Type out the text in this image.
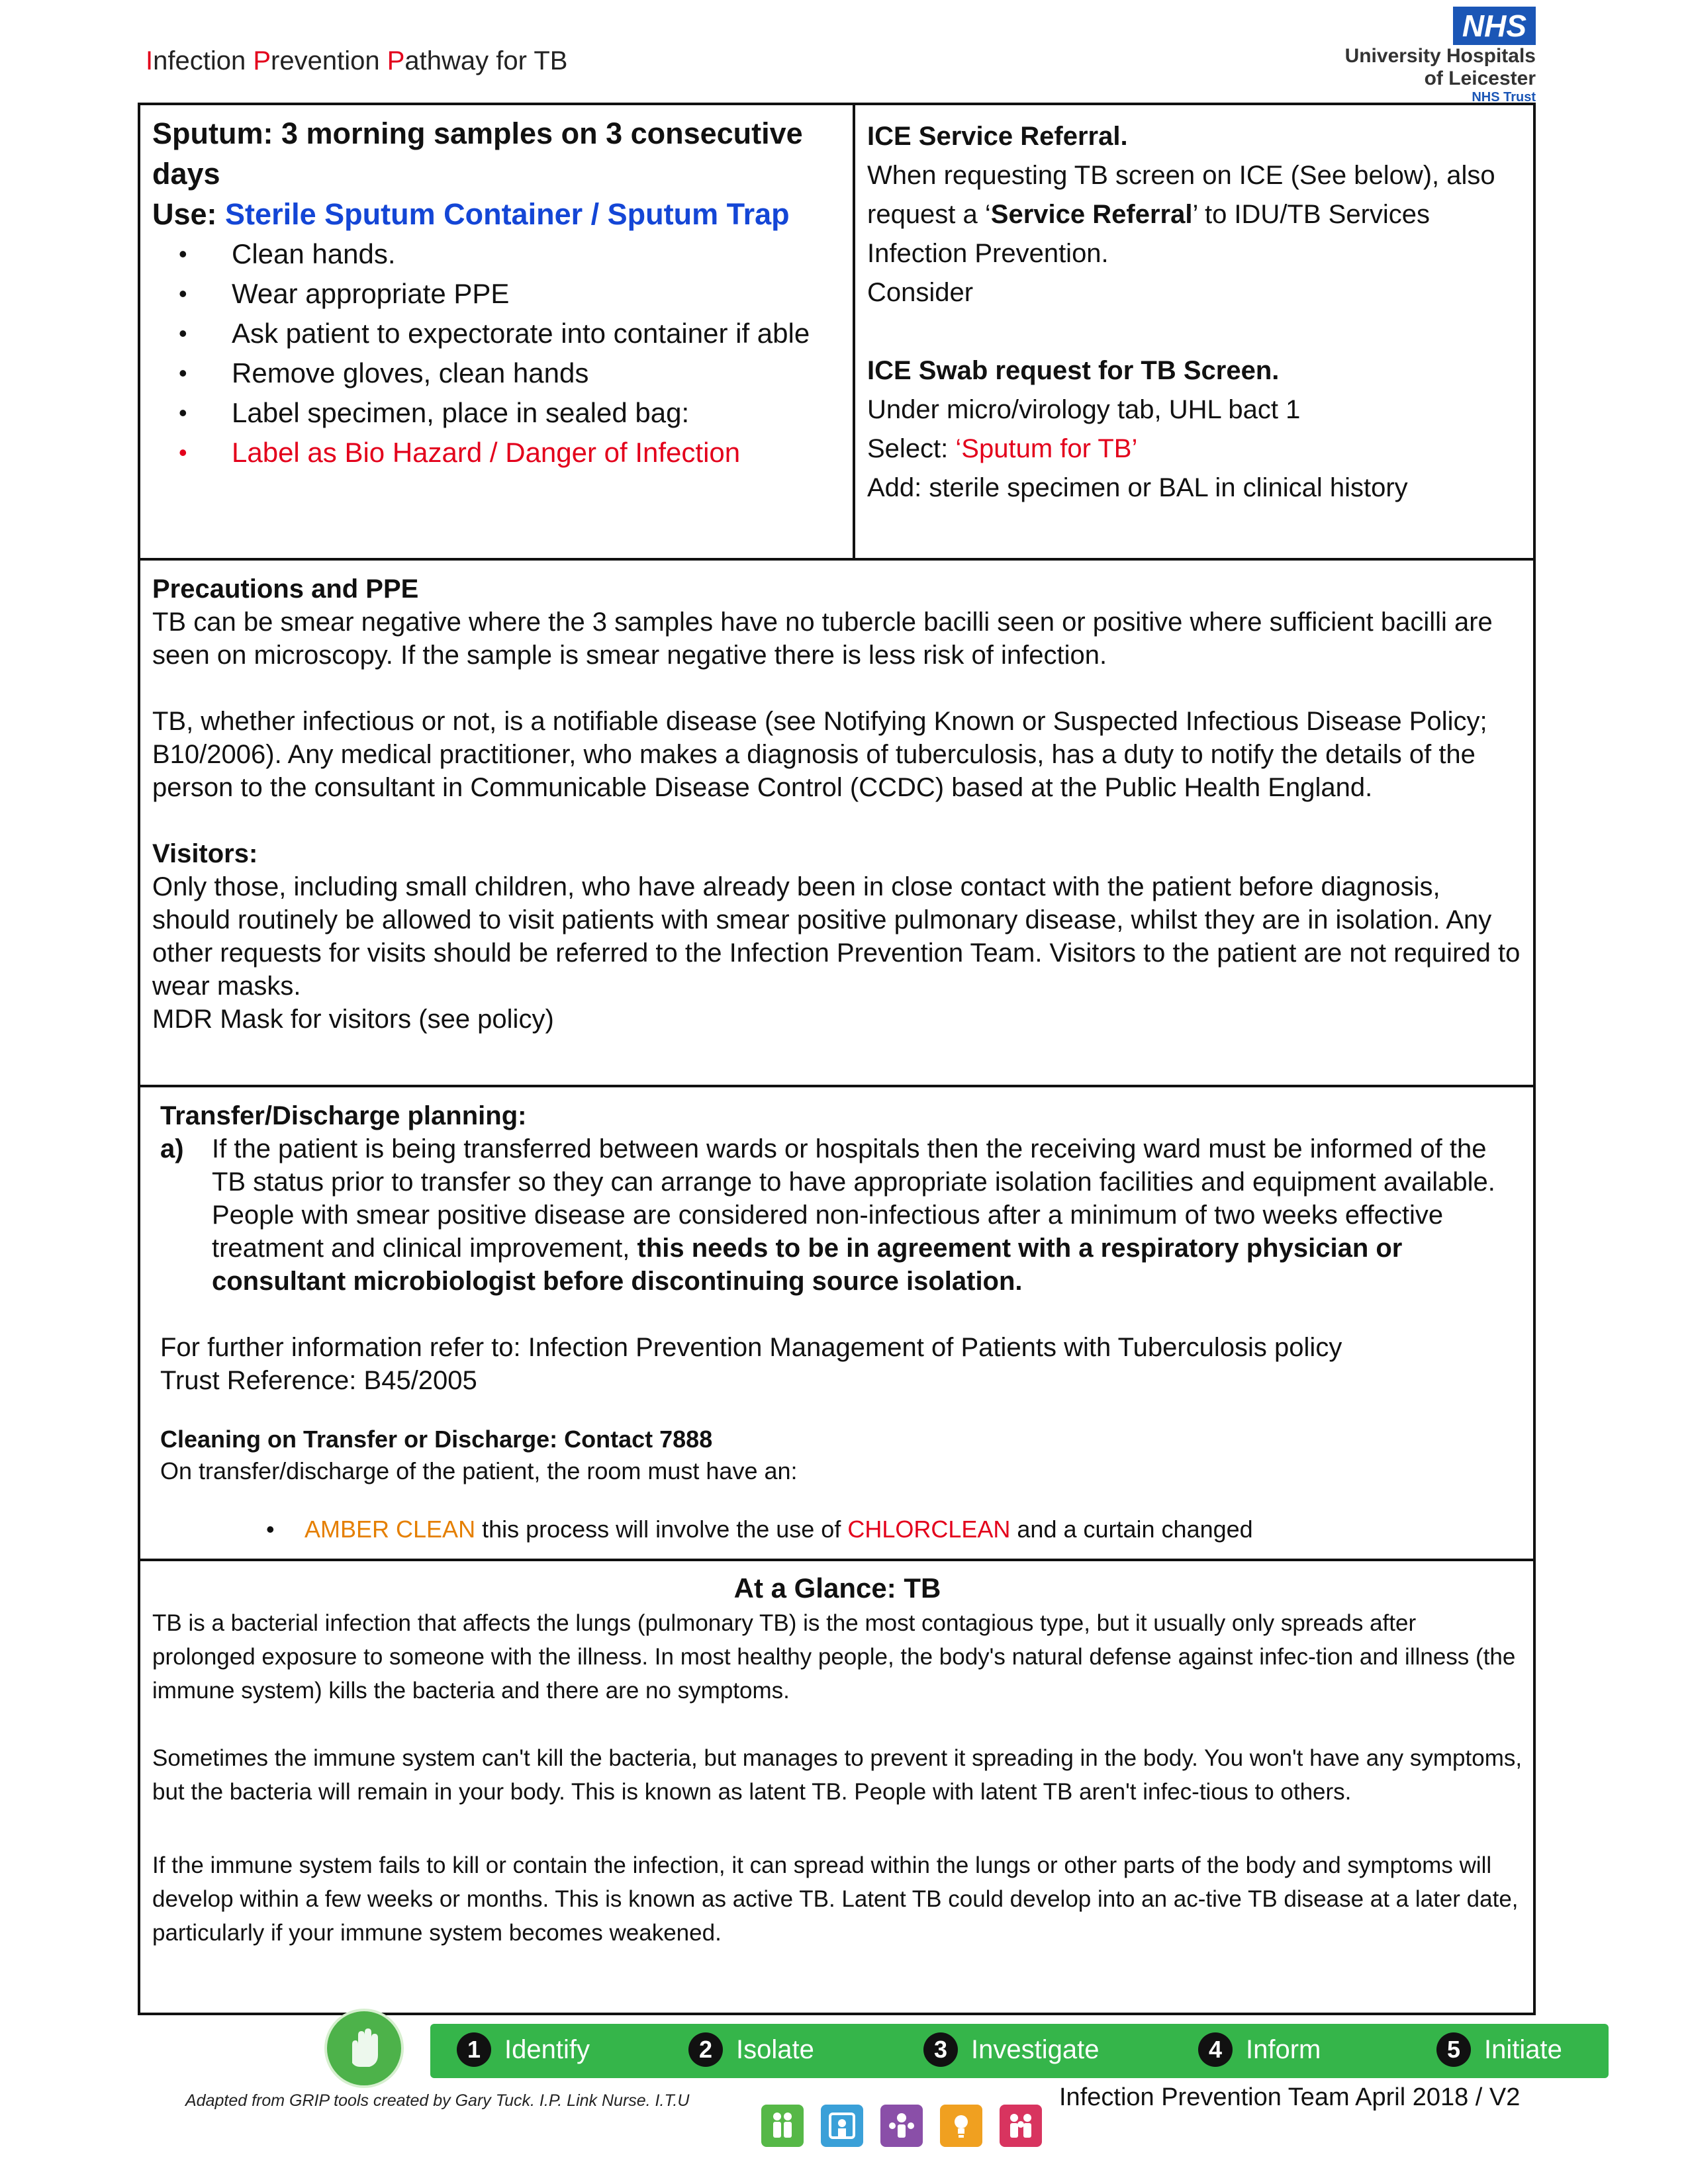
Infection Prevention Pathway for TB
NHS
University Hospitals
of Leicester
NHS Trust
Sputum: 3 morning samples on 3 consecutive days
Use: Sterile Sputum Container / Sputum Trap
• Clean hands.
• Wear appropriate PPE
• Ask patient to expectorate into container if able
• Remove gloves, clean hands
• Label specimen, place in sealed bag:
• Label as Bio Hazard / Danger of Infection
ICE Service Referral.
When requesting TB screen on ICE (See below), also request a ‘Service Referral’ to IDU/TB Services
Infection Prevention.
Consider
ICE Swab request for TB Screen.
Under micro/virology tab, UHL bact 1
Select: ‘Sputum for TB’
Add: sterile specimen or BAL in clinical history
Precautions and PPE
TB can be smear negative where the 3 samples have no tubercle bacilli seen or positive where sufficient bacilli are seen on microscopy. If the sample is smear negative there is less risk of infection.
TB, whether infectious or not, is a notifiable disease (see Notifying Known or Suspected Infectious Disease Policy; B10/2006). Any medical practitioner, who makes a diagnosis of tuberculosis, has a duty to notify the details of the person to the consultant in Communicable Disease Control (CCDC) based at the Public Health England.
Visitors:
Only those, including small children, who have already been in close contact with the patient before diagnosis, should routinely be allowed to visit patients with smear positive pulmonary disease, whilst they are in isolation. Any other requests for visits should be referred to the Infection Prevention Team. Visitors to the patient are not required to wear masks.
MDR Mask for visitors (see policy)
Transfer/Discharge planning:
a) If the patient is being transferred between wards or hospitals then the receiving ward must be informed of the TB status prior to transfer so they can arrange to have appropriate isolation facilities and equipment available. People with smear positive disease are considered non-infectious after a minimum of two weeks effective treatment and clinical improvement, this needs to be in agreement with a respiratory physician or consultant microbiologist before discontinuing source isolation.
For further information refer to: Infection Prevention Management of Patients with Tuberculosis policy
Trust Reference: B45/2005
Cleaning on Transfer or Discharge: Contact 7888
On transfer/discharge of the patient, the room must have an:
• AMBER CLEAN this process will involve the use of CHLORCLEAN and a curtain changed
At a Glance: TB
TB is a bacterial infection that affects the lungs (pulmonary TB) is the most contagious type, but it usually only spreads after prolonged exposure to someone with the illness. In most healthy people, the body's natural defense against infec-tion and illness (the immune system) kills the bacteria and there are no symptoms.
Sometimes the immune system can't kill the bacteria, but manages to prevent it spreading in the body. You won't have any symptoms, but the bacteria will remain in your body. This is known as latent TB. People with latent TB aren't infec-tious to others.
If the immune system fails to kill or contain the infection, it can spread within the lungs or other parts of the body and symptoms will develop within a few weeks or months. This is known as active TB. Latent TB could develop into an ac-tive TB disease at a later date, particularly if your immune system becomes weakened.
1 Identify	2 Isolate	3 Investigate	4 Inform	5 Initiate
Adapted from GRIP tools created by Gary Tuck. I.P. Link Nurse. I.T.U	Infection Prevention Team April 2018 / V2
